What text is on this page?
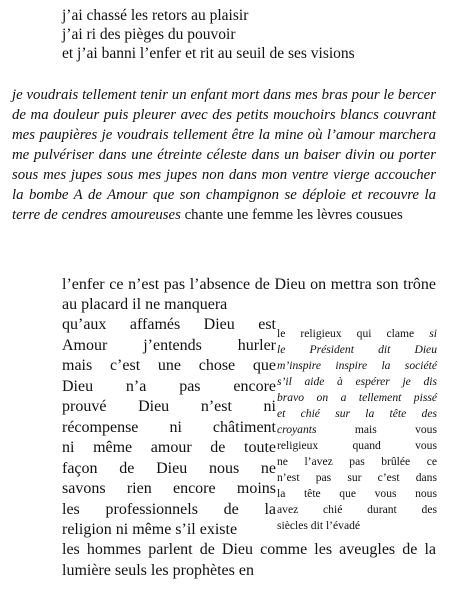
j’ai chassé les retors au plaisir
j’ai ri des pièges du pouvoir
et j’ai banni l’enfer et rit au seuil de ses visions
je voudrais tellement tenir un enfant mort dans mes bras pour le bercer de ma douleur puis pleurer avec des petits mouchoirs blancs couvrant mes paupières je voudrais tellement être la mine où l’amour marchera me pulvériser dans une étreinte céleste dans un baiser divin ou porter sous mes jupes sous mes jupes non dans mon ventre vierge accoucher la bombe A de Amour que son champignon se déploie et recouvre la terre de cendres amoureuses chante une femme les lèvres cousues
l’enfer ce n’est pas l’absence de Dieu on mettra son trône au placard il ne manquera
qu’aux affamés Dieu est
Amour j’entends hurler
mais c’est une chose que
Dieu n’a pas encore
prouvé Dieu n’est ni
récompense ni châtiment
ni même amour de toute
façon de Dieu nous ne
savons rien encore moins
les professionnels de la
religion ni même s’il existe
le religieux qui clame si
le Président dit Dieu
m’inspire inspire la société
s’il aide à espérer je dis
bravo on a tellement pissé
et chié sur la tête des
croyants mais vous
religieux quand vous
ne l’avez pas brûlée ce
n’est pas sur c’est dans
la tête que vous nous
avez chié durant des
siècles dit l’évadé
les hommes parlent de Dieu comme les aveugles de la lumière seuls les prophètes en
